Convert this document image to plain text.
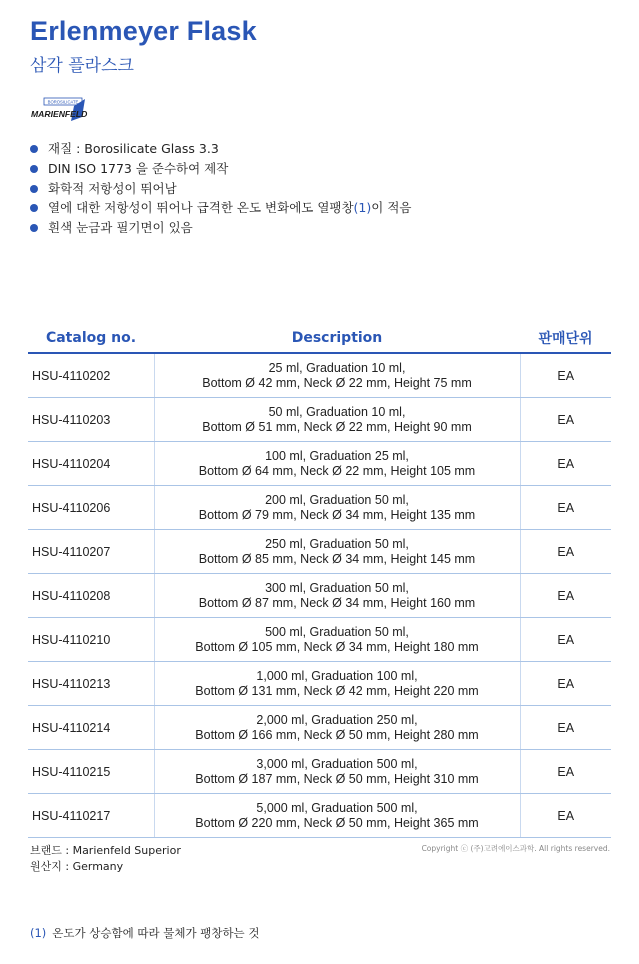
Erlenmeyer Flask
삼각 플라스크
BOROSILICATE
MARIENFELD
재질 : Borosilicate Glass 3.3
DIN ISO 1773 을 준수하여 제작
화학적 저항성이 뛰어남
열에 대한 저항성이 뛰어나 급격한 온도 변화에도 열팽창(1)이 적음
흰색 눈금과 필기면이 있음
Catalog no.	Description	판매단위
HSU-4110202	25 ml, Graduation 10 ml,
Bottom Ø 42 mm, Neck Ø 22 mm, Height 75 mm	EA
HSU-4110203	50 ml, Graduation 10 ml,
Bottom Ø 51 mm, Neck Ø 22 mm, Height 90 mm	EA
HSU-4110204	100 ml, Graduation 25 ml,
Bottom Ø 64 mm, Neck Ø 22 mm, Height 105 mm	EA
HSU-4110206	200 ml, Graduation 50 ml,
Bottom Ø 79 mm, Neck Ø 34 mm, Height 135 mm	EA
HSU-4110207	250 ml, Graduation 50 ml,
Bottom Ø 85 mm, Neck Ø 34 mm, Height 145 mm	EA
HSU-4110208	300 ml, Graduation 50 ml,
Bottom Ø 87 mm, Neck Ø 34 mm, Height 160 mm	EA
HSU-4110210	500 ml, Graduation 50 ml,
Bottom Ø 105 mm, Neck Ø 34 mm, Height 180 mm	EA
HSU-4110213	1,000 ml, Graduation 100 ml,
Bottom Ø 131 mm, Neck Ø 42 mm, Height 220 mm	EA
HSU-4110214	2,000 ml, Graduation 250 ml,
Bottom Ø 166 mm, Neck Ø 50 mm, Height 280 mm	EA
HSU-4110215	3,000 ml, Graduation 500 ml,
Bottom Ø 187 mm, Neck Ø 50 mm, Height 310 mm	EA
HSU-4110217	5,000 ml, Graduation 500 ml,
Bottom Ø 220 mm, Neck Ø 50 mm, Height 365 mm	EA
브랜드 : Marienfeld Superior
원산지 : Germany
Copyright ⓒ (주)고려에이스과학. All rights reserved.
(1) 온도가 상승함에 따라 물체가 팽창하는 것
